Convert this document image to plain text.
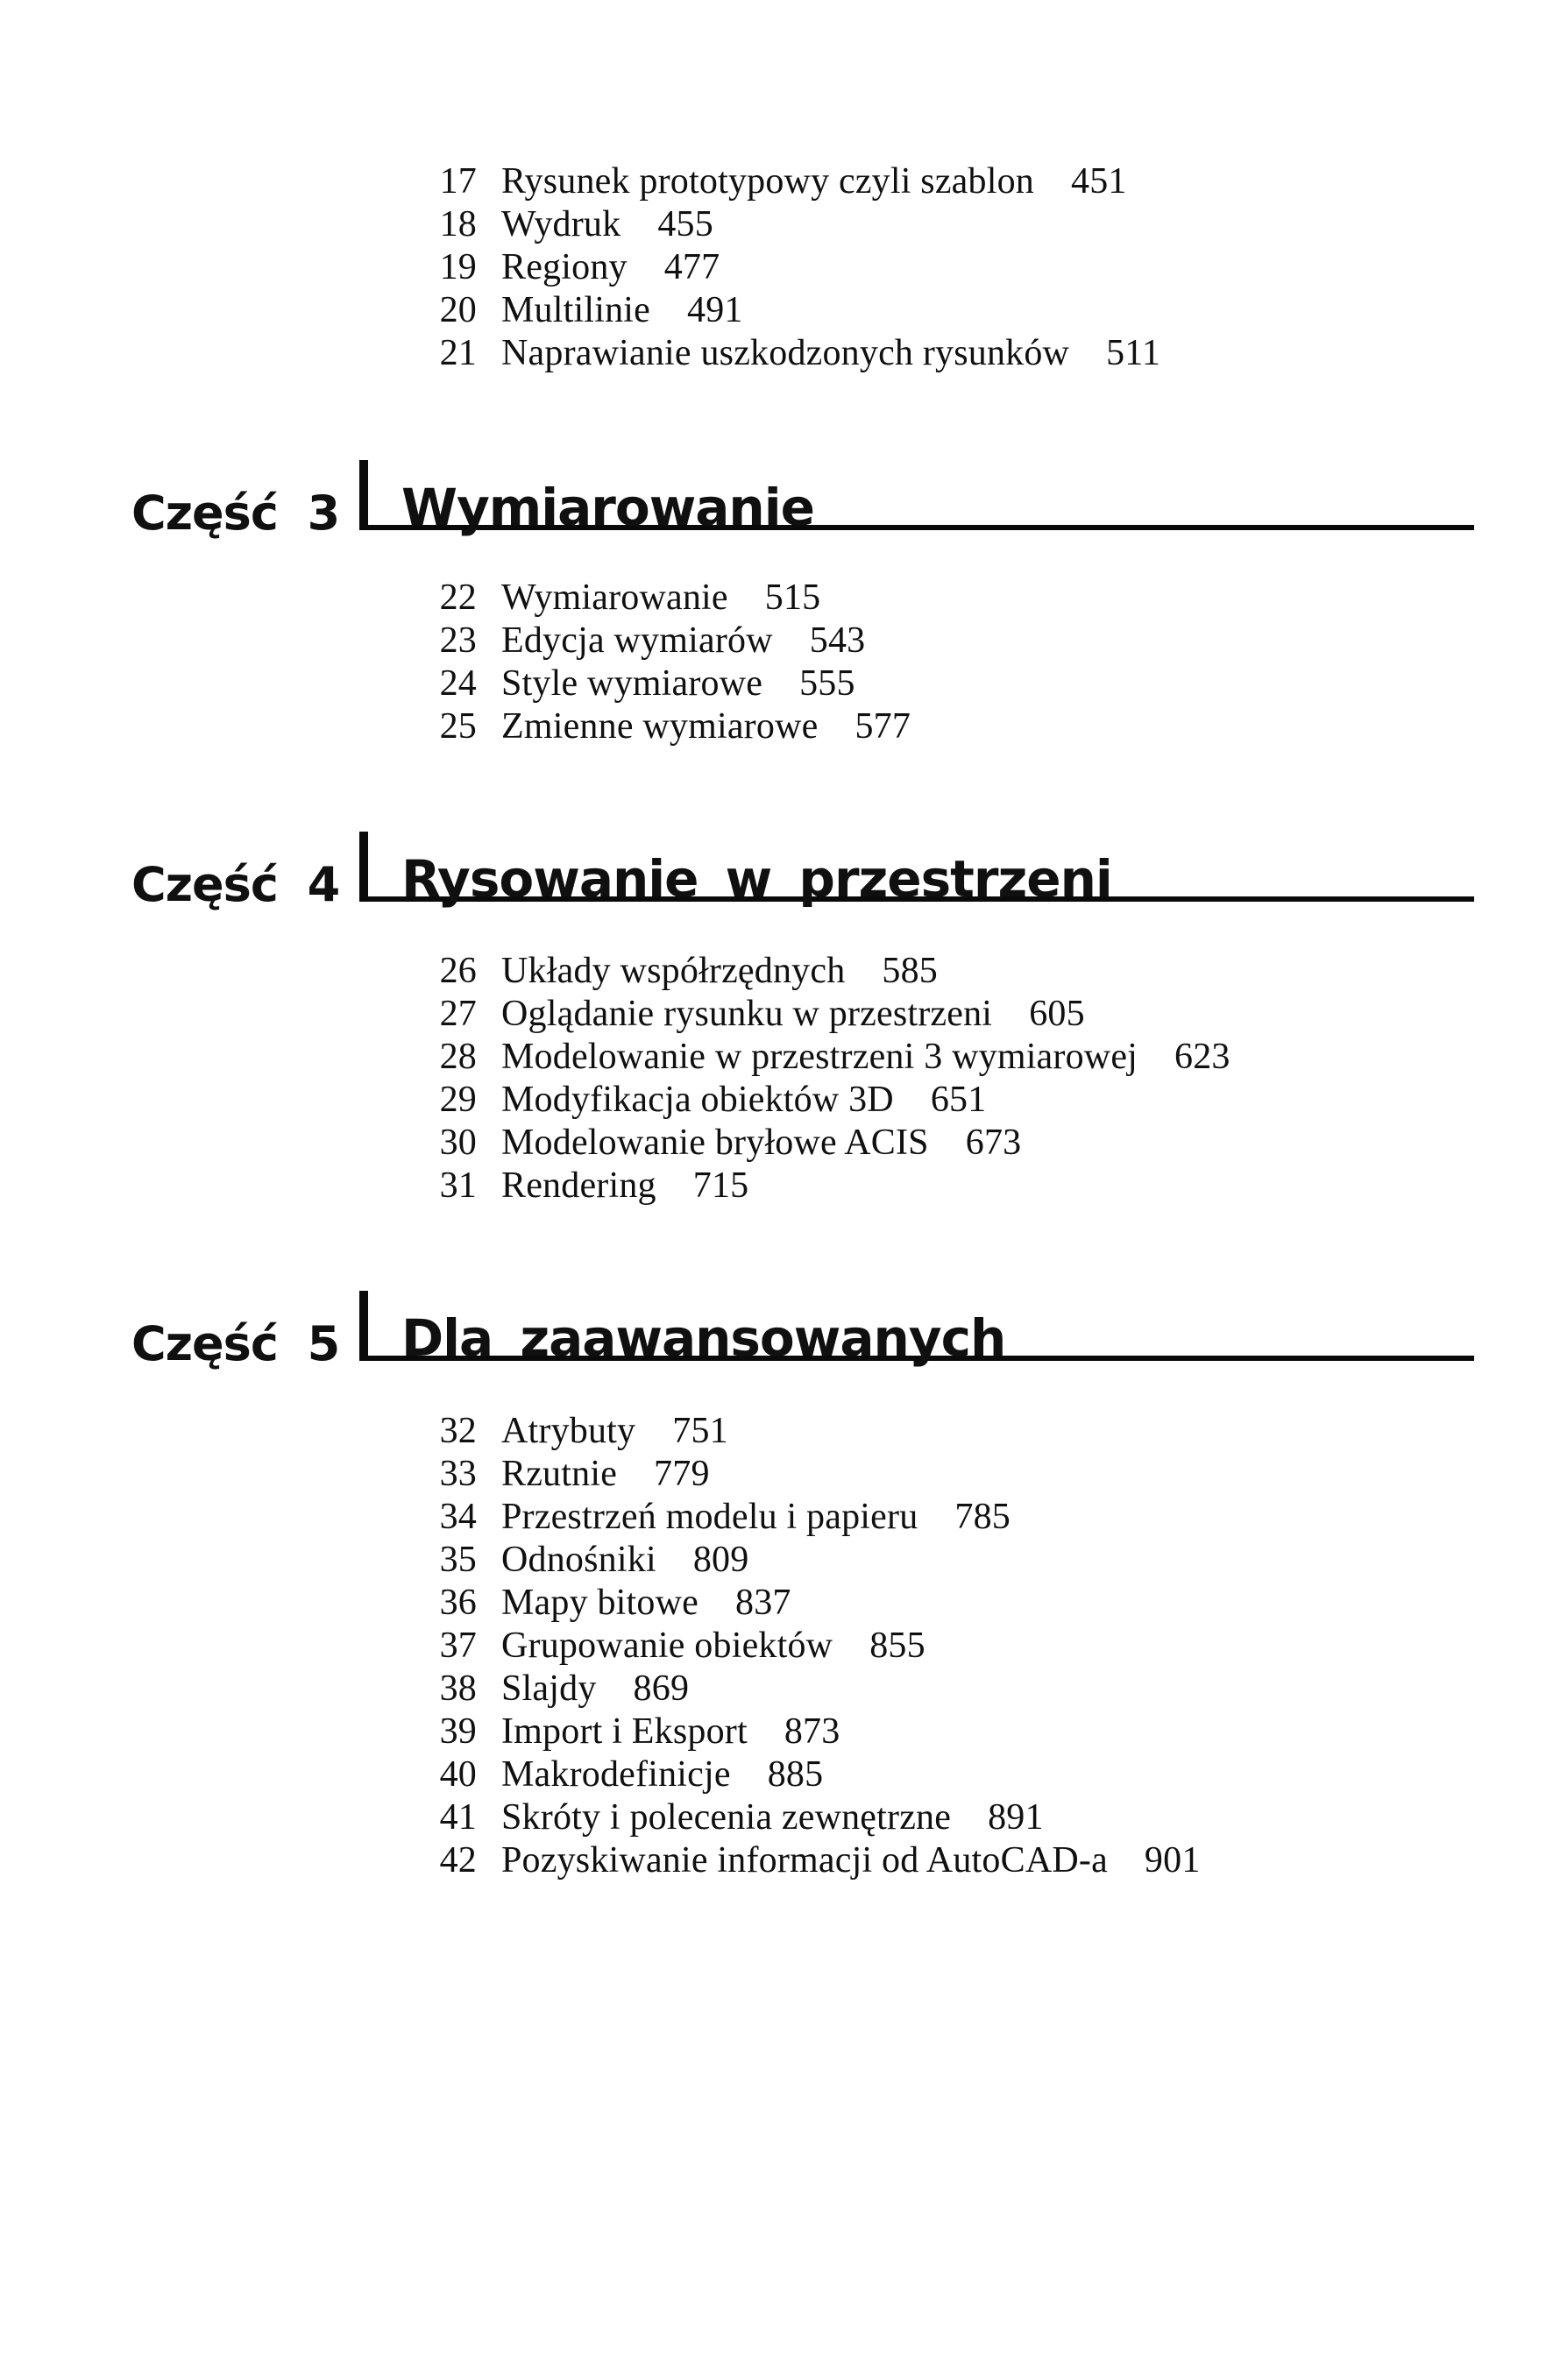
17 Rysunek prototypowy czyli szablon 451
18 Wydruk 455
19 Regiony 477
20 Multilinie 491
21 Naprawianie uszkodzonych rysunków 511
Część 3 Wymiarowanie
22 Wymiarowanie 515
23 Edycja wymiarów 543
24 Style wymiarowe 555
25 Zmienne wymiarowe 577
Część 4 Rysowanie w przestrzeni
26 Układy współrzędnych 585
27 Oglądanie rysunku w przestrzeni 605
28 Modelowanie w przestrzeni 3 wymiarowej 623
29 Modyfikacja obiektów 3D 651
30 Modelowanie bryłowe ACIS 673
31 Rendering 715
Część 5 Dla zaawansowanych
32 Atrybuty 751
33 Rzutnie 779
34 Przestrzeń modelu i papieru 785
35 Odnośniki 809
36 Mapy bitowe 837
37 Grupowanie obiektów 855
38 Slajdy 869
39 Import i Eksport 873
40 Makrodefinicje 885
41 Skróty i polecenia zewnętrzne 891
42 Pozyskiwanie informacji od AutoCAD-a 901
